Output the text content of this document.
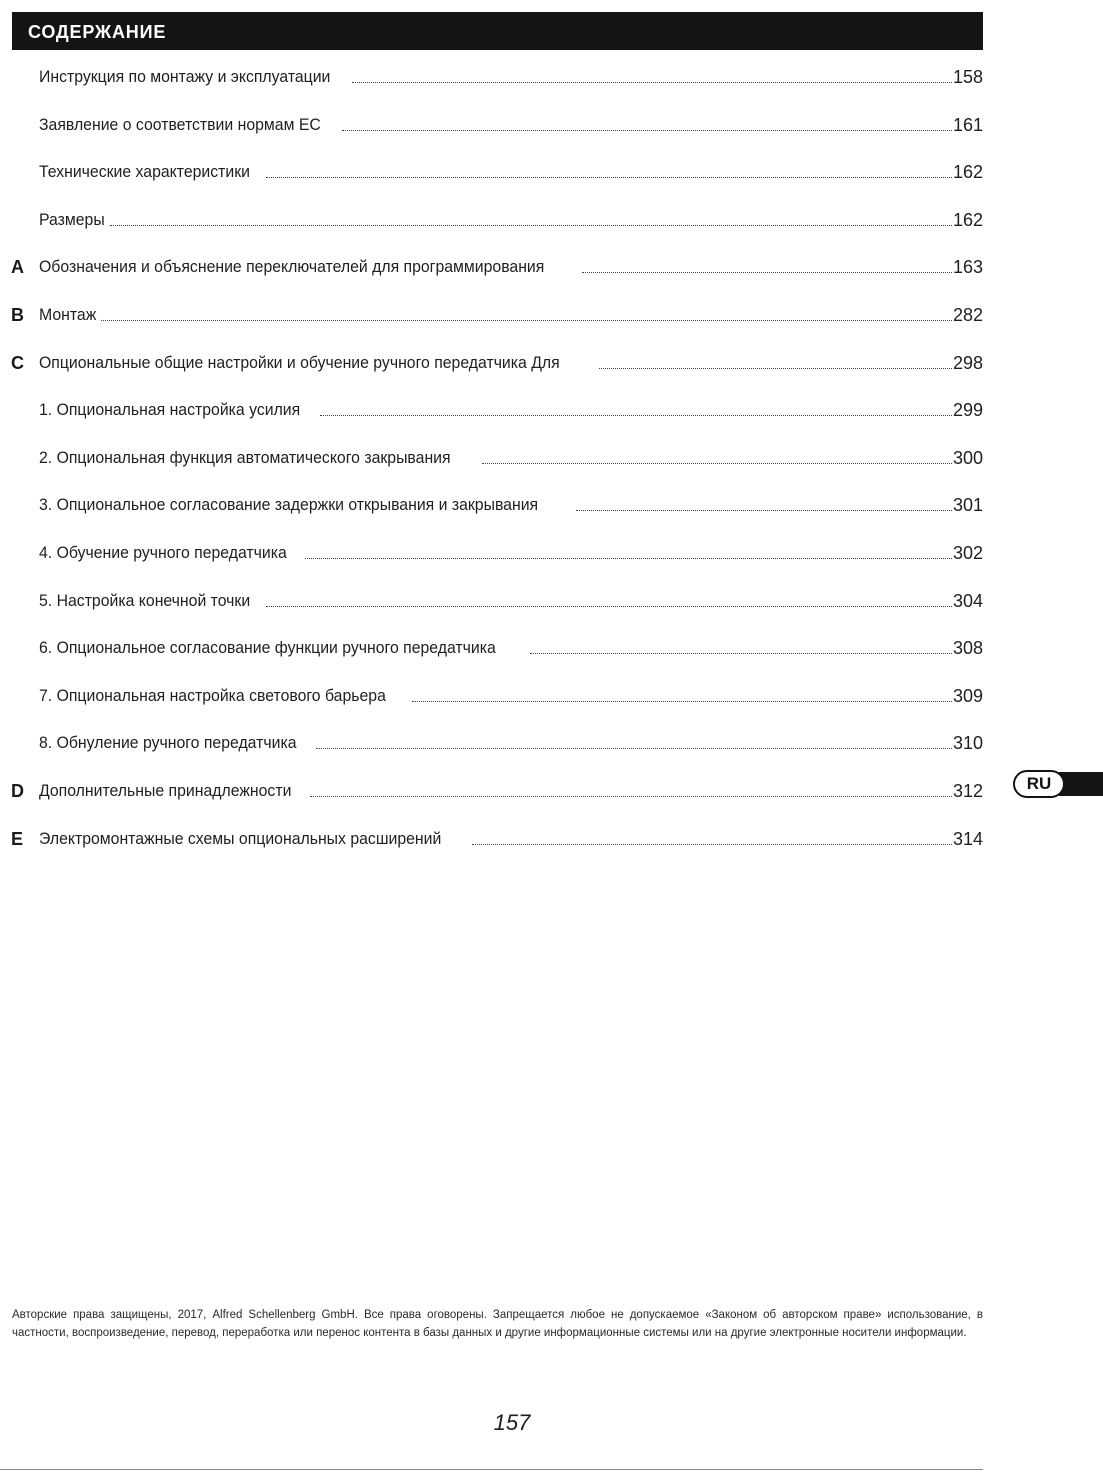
СОДЕРЖАНИЕ
Инструкция по монтажу и эксплуатации	158
Заявление о соответствии нормам ЕС	161
Технические характеристики	162
Размеры	162
A Обозначения и объяснение переключателей для программирования	163
B Монтаж	282
C Опциональные общие настройки и обучение ручного передатчика Для	298
1. Опциональная настройка усилия	299
2. Опциональная функция автоматического закрывания	300
3. Опциональное согласование задержки открывания и закрывания	301
4. Обучение ручного передатчика	302
5. Настройка конечной точки	304
6. Опциональное согласование функции ручного передатчика	308
7. Опциональная настройка светового барьера	309
8. Обнуление ручного передатчика	310
D Дополнительные принадлежности	312
E Электромонтажные схемы опциональных расширений	314
RU
Авторские права защищены, 2017, Alfred Schellenberg GmbH. Все права оговорены. Запрещается любое не допускаемое «Законом об авторском праве» использование, в частности, воспроизведение, перевод, переработка или перенос контента в базы данных и другие информационные системы или на другие электронные носители информации.
157
